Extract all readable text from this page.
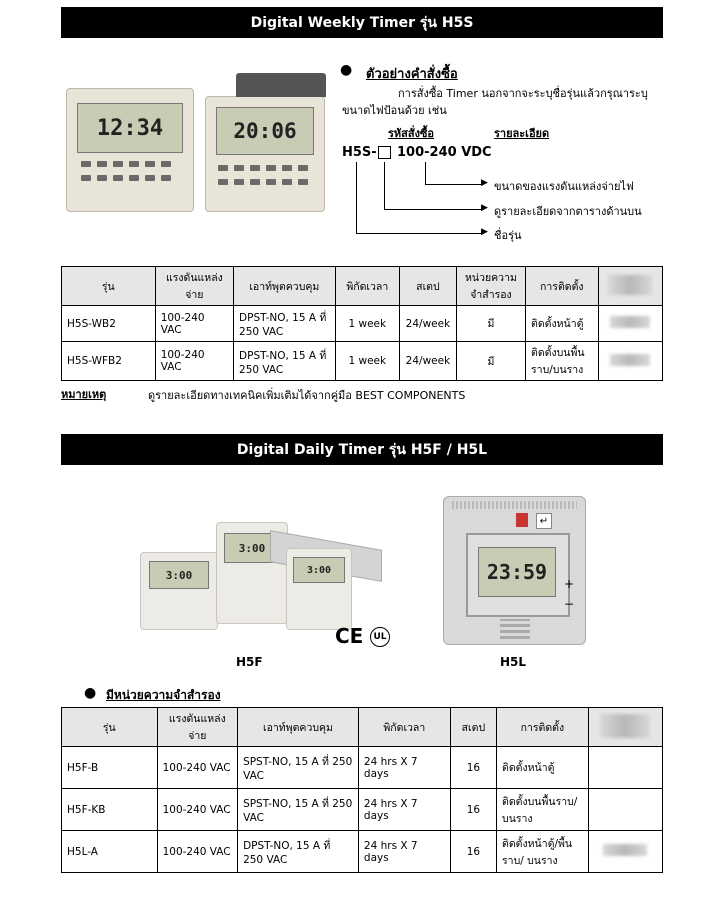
Digital Weekly Timer รุ่น H5S
12:34	20:06
● ตัวอย่างคำสั่งซื้อ
การสั่งซื้อ Timer นอกจากจะระบุชื่อรุ่นแล้วกรุณาระบุ
ขนาดไฟป้อนด้วย เช่น
รหัสสั่งซื้อ	รายละเอียด
H5S- 100-240 VDC
▶
▶
▶
ขนาดของแรงดันแหล่งจ่ายไฟ
ดูรายละเอียดจากตารางด้านบน
ชื่อรุ่น
รุ่น	แรงดันแหล่งจ่าย	เอาท์พุตควบคุม	พิกัดเวลา	สเตป	หน่วยความจำสำรอง	การติดตั้ง	
H5S-WB2	100-240 VAC	DPST-NO, 15 A ที่ 250 VAC	1 week	24/week	มี	ติดตั้งหน้าตู้	
H5S-WFB2	100-240 VAC	DPST-NO, 15 A ที่ 250 VAC	1 week	24/week	มี	ติดตั้งบนพื้นราบ/บนราง	
หมายเหตุ	ดูรายละเอียดทางเทคนิคเพิ่มเติมได้จากคู่มือ BEST COMPONENTS
Digital Daily Timer รุ่น H5F / H5L
3:00
3:00
3:00
CE	UL
↵
23:59	+
−
H5F	H5L
● มีหน่วยความจำสำรอง
รุ่น	แรงดันแหล่งจ่าย	เอาท์พุตควบคุม	พิกัดเวลา	สเตป	การติดตั้ง	
H5F-B	100-240 VAC	SPST-NO, 15 A ที่ 250 VAC	24 hrs X 7 days	16	ติดตั้งหน้าตู้	
H5F-KB	100-240 VAC	SPST-NO, 15 A ที่ 250 VAC	24 hrs X 7 days	16	ติดตั้งบนพื้นราบ/บนราง	
H5L-A	100-240 VAC	DPST-NO, 15 A ที่ 250 VAC	24 hrs X 7 days	16	ติดตั้งหน้าตู้/พื้นราบ/ บนราง	
